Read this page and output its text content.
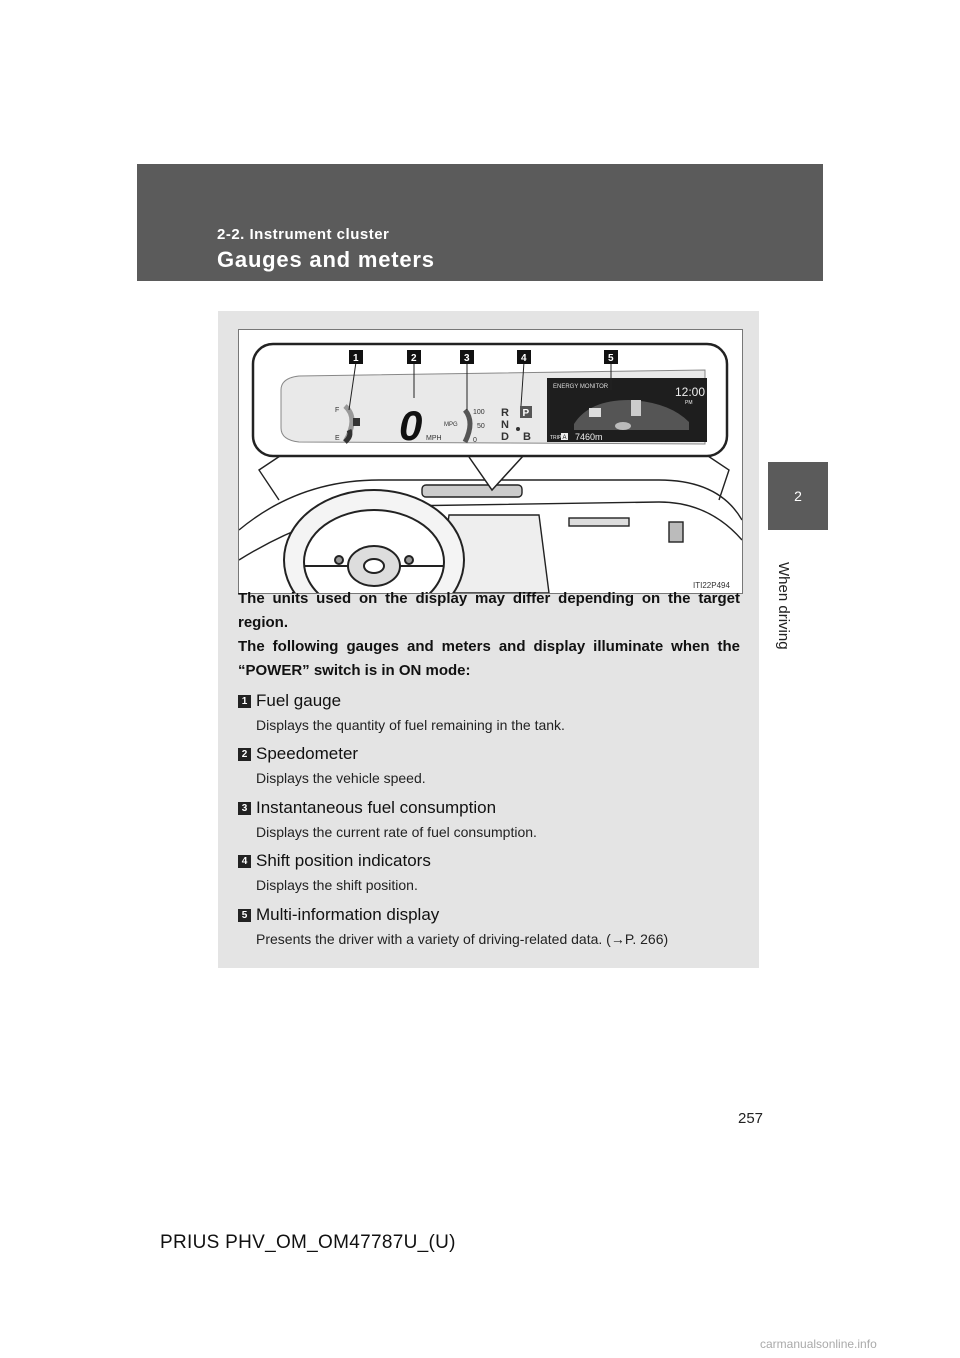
2-2. Instrument cluster
Gauges and meters
2
When driving
F
E 0 MPH
MPG
100
50
0
R
N
D B
P
ENERGY MONITOR	12:00
PM
TRIP A 7460m
1	2	3	4	5
ITI22P494
The units used on the display may differ depending on the target region.
The following gauges and meters and display illuminate when the “POWER” switch is in ON mode:
1 Fuel gauge
Displays the quantity of fuel remaining in the tank.
2 Speedometer
Displays the vehicle speed.
3 Instantaneous fuel consumption
Displays the current rate of fuel consumption.
4 Shift position indicators
Displays the shift position.
5 Multi-information display
Presents the driver with a variety of driving-related data. (→P. 266)
257
PRIUS PHV_OM_OM47787U_(U)
carmanualsonline.info
